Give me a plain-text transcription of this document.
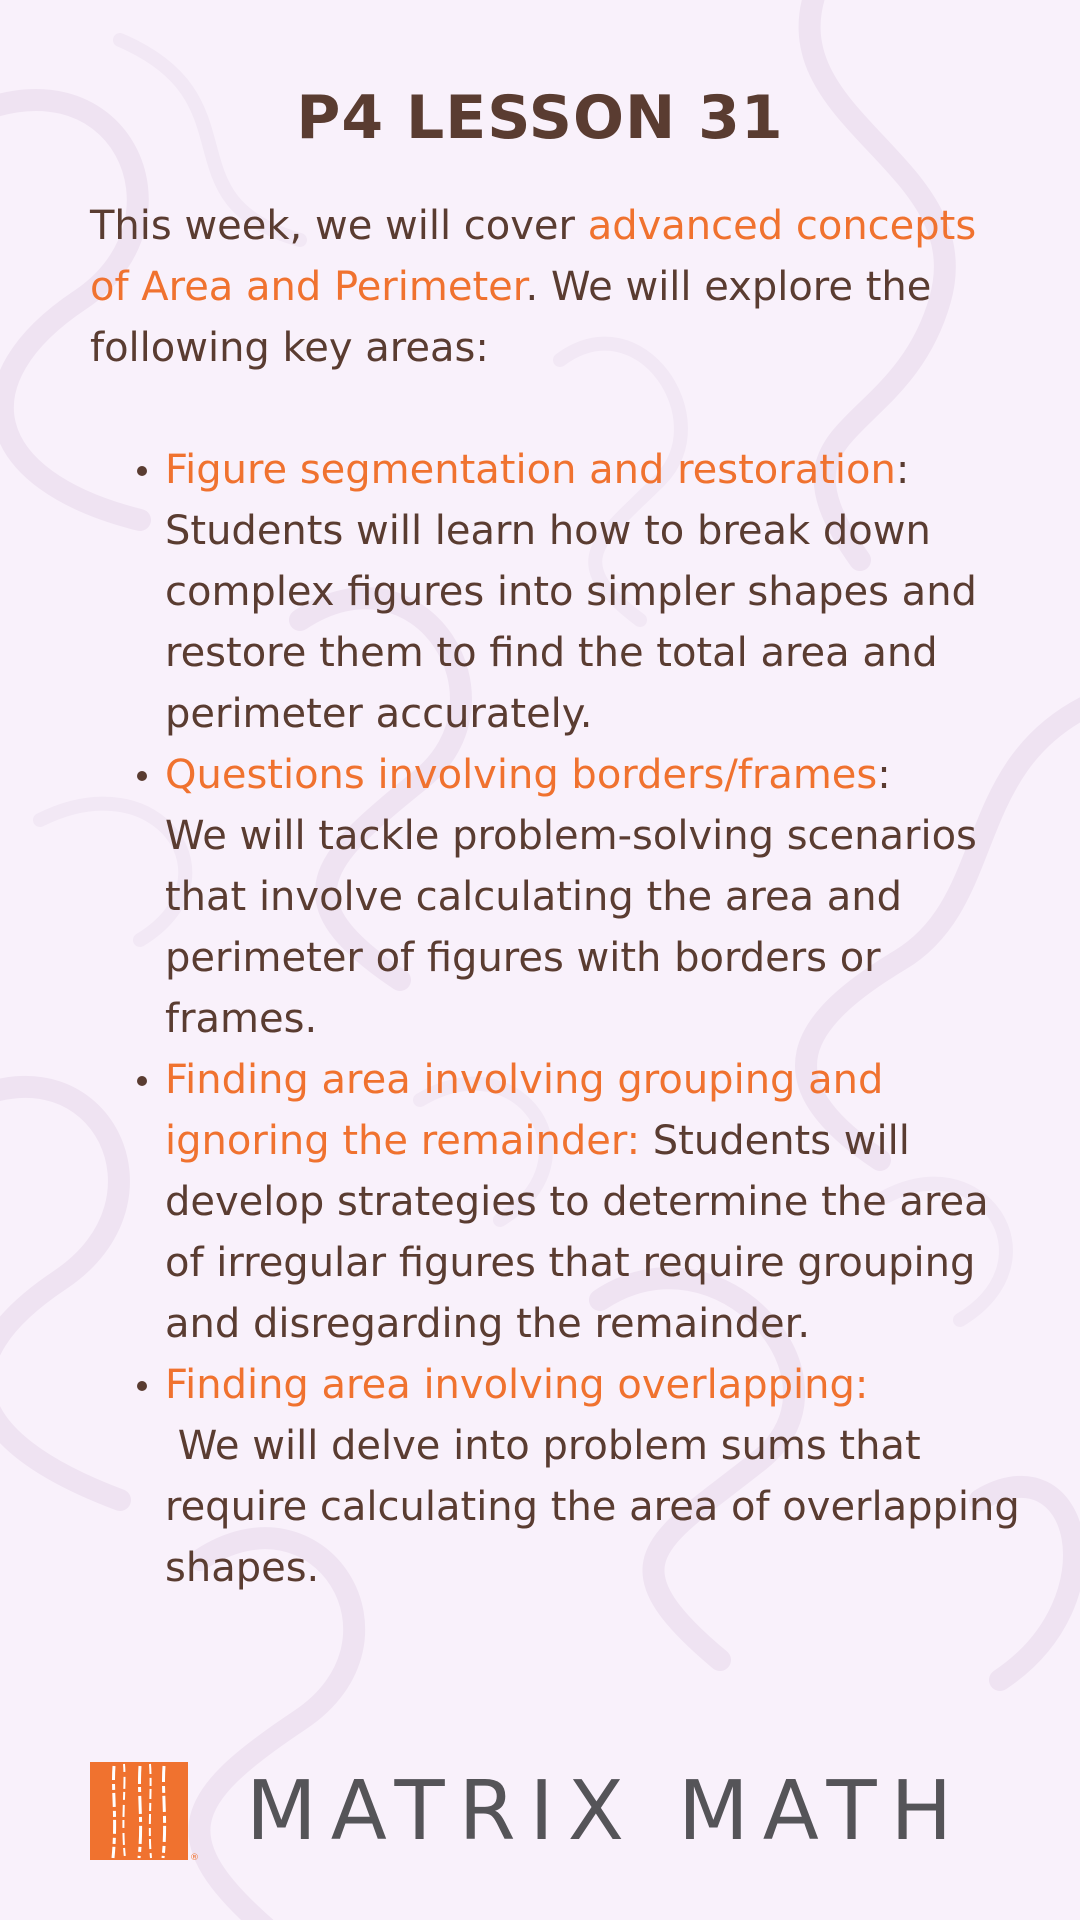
P4 LESSON 31

This week, we will cover advanced concepts of Area and Perimeter. We will explore the following key areas:

Figure segmentation and restoration:
Students will learn how to break down complex figures into simpler shapes and restore them to find the total area and perimeter accurately.
Questions involving borders/frames:
We will tackle problem-solving scenarios that involve calculating the area and perimeter of figures with borders or frames.
Finding area involving grouping and ignoring the remainder: Students will develop strategies to determine the area of irregular figures that require grouping and disregarding the remainder.
Finding area involving overlapping:
We will delve into problem sums that require calculating the area of overlapping shapes.
® MATRIX MATH
